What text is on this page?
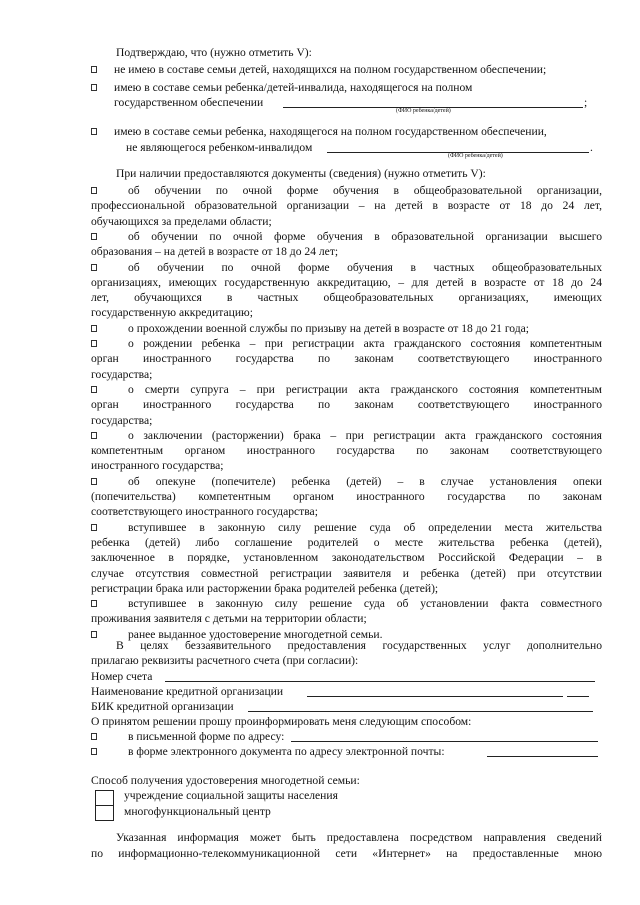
Подтверждаю, что (нужно отметить V):
не имею в составе семьи детей, находящихся на полном государственном обеспечении;
имею в составе семьи ребенка/детей-инвалида, находящегося на полном
государственном обеспечении	;
(ФИО ребенка/детей)
имею в составе семьи ребенка, находящегося на полном государственном обеспечении,
не являющегося ребенком-инвалидом	.
(ФИО ребенка/детей)
При наличии предоставляются документы (сведения) (нужно отметить V):
об обучении по очной форме обучения в общеобразовательной организации,
профессиональной образовательной организации – на детей в возрасте от 18 до 24 лет,
обучающихся за пределами области;
об обучении по очной форме обучения в образовательной организации высшего
образования – на детей в возрасте от 18 до 24 лет;
об обучении по очной форме обучения в частных общеобразовательных
организациях, имеющих государственную аккредитацию, – для детей в возрасте от 18 до 24
лет, обучающихся в частных общеобразовательных организациях, имеющих
государственную аккредитацию;
о прохождении военной службы по призыву на детей в возрасте от 18 до 21 года;
о рождении ребенка – при регистрации акта гражданского состояния компетентным
орган иностранного государства по законам соответствующего иностранного
государства;
о смерти супруга – при регистрации акта гражданского состояния компетентным
орган иностранного государства по законам соответствующего иностранного
государства;
о заключении (расторжении) брака – при регистрации акта гражданского состояния
компетентным органом иностранного государства по законам соответствующего
иностранного государства;
об опекуне (попечителе) ребенка (детей) – в случае установления опеки
(попечительства) компетентным органом иностранного государства по законам
соответствующего иностранного государства;
вступившее в законную силу решение суда об определении места жительства
ребенка (детей) либо соглашение родителей о месте жительства ребенка (детей),
заключенное в порядке, установленном законодательством Российской Федерации – в
случае отсутствия совместной регистрации заявителя и ребенка (детей) при отсутствии
регистрации брака или расторжении брака родителей ребенка (детей);
вступившее в законную силу решение суда об установлении факта совместного
проживания заявителя с детьми на территории области;
ранее выданное удостоверение многодетной семьи.
В целях беззаявительного предоставления государственных услуг дополнительно
прилагаю реквизиты расчетного счета (при согласии):
Номер счета
Наименование кредитной организации
БИК кредитной организации
О принятом решении прошу проинформировать меня следующим способом:
в письменной форме по адресу:
в форме электронного документа по адресу электронной почты:
Способ получения удостоверения многодетной семьи:
учреждение социальной защиты населения
многофункциональный центр
Указанная информация может быть предоставлена посредством направления сведений
по информационно-телекоммуникационной сети «Интернет» на предоставленные мною
